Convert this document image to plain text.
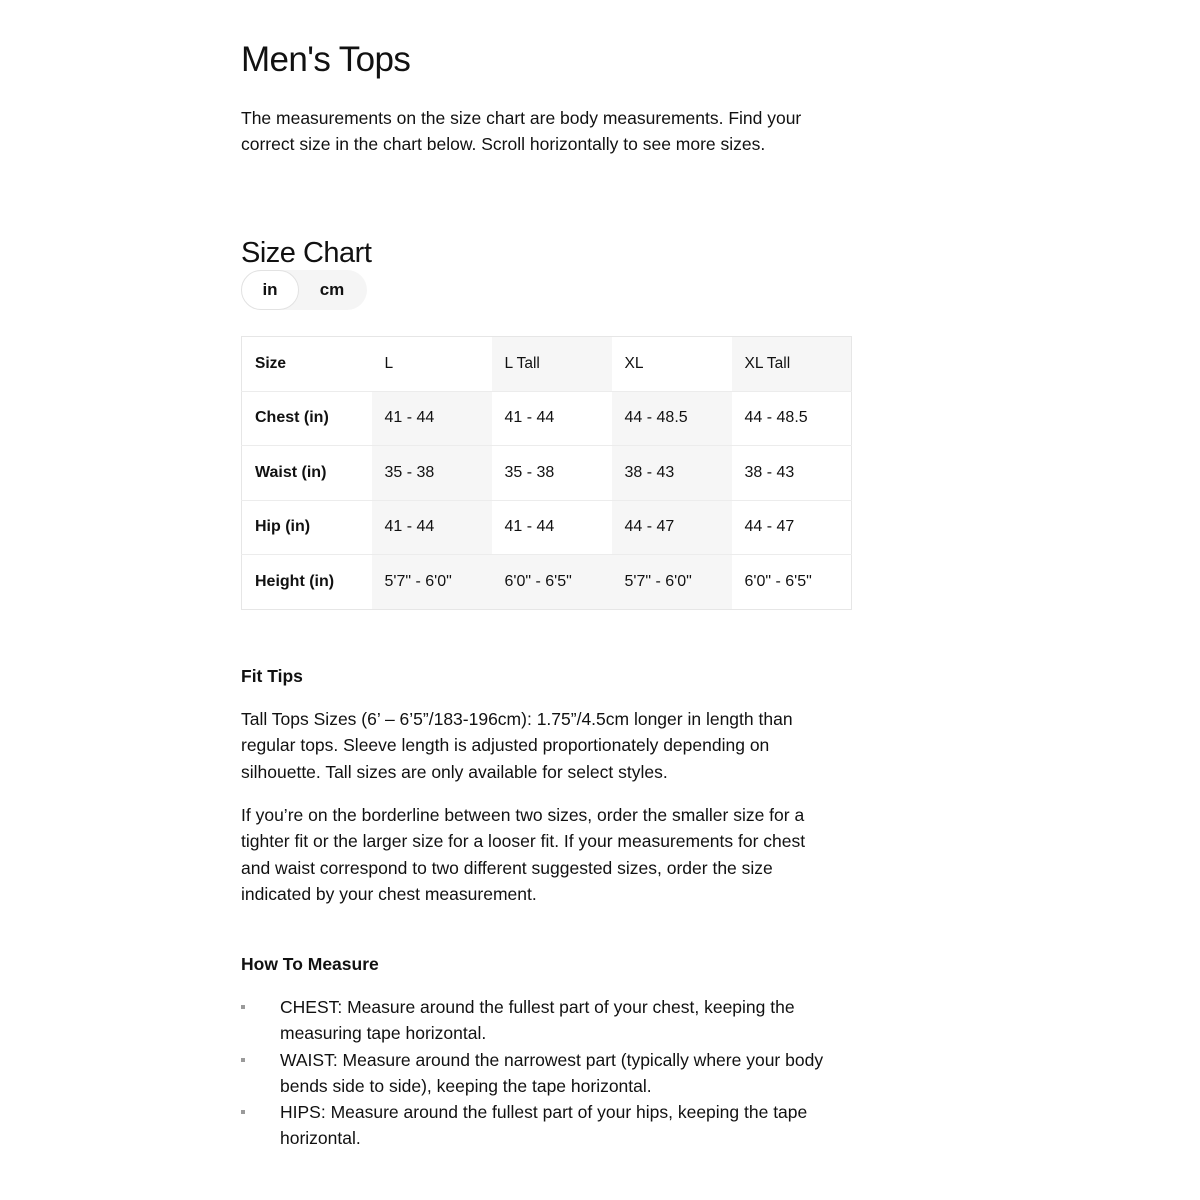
Men's Tops

The measurements on the size chart are body measurements. Find your correct size in the chart below. Scroll horizontally to see more sizes.

Size Chart
in	cm
Size	L	L Tall	XL	XL Tall
Chest (in)	41 - 44	41 - 44	44 - 48.5	44 - 48.5
Waist (in)	35 - 38	35 - 38	38 - 43	38 - 43
Hip (in)	41 - 44	41 - 44	44 - 47	44 - 47
Height (in)	5'7" - 6'0"	6'0" - 6'5"	5'7" - 6'0"	6'0" - 6'5"
Fit Tips

Tall Tops Sizes (6’ – 6’5”/183-196cm): 1.75”/4.5cm longer in length than regular tops. Sleeve length is adjusted proportionately depending on silhouette. Tall sizes are only available for select styles.

If you’re on the borderline between two sizes, order the smaller size for a tighter fit or the larger size for a looser fit. If your measurements for chest and waist correspond to two different suggested sizes, order the size indicated by your chest measurement.

How To Measure
CHEST: Measure around the fullest part of your chest, keeping the measuring tape horizontal.
WAIST: Measure around the narrowest part (typically where your body bends side to side), keeping the tape horizontal.
HIPS: Measure around the fullest part of your hips, keeping the tape horizontal.
